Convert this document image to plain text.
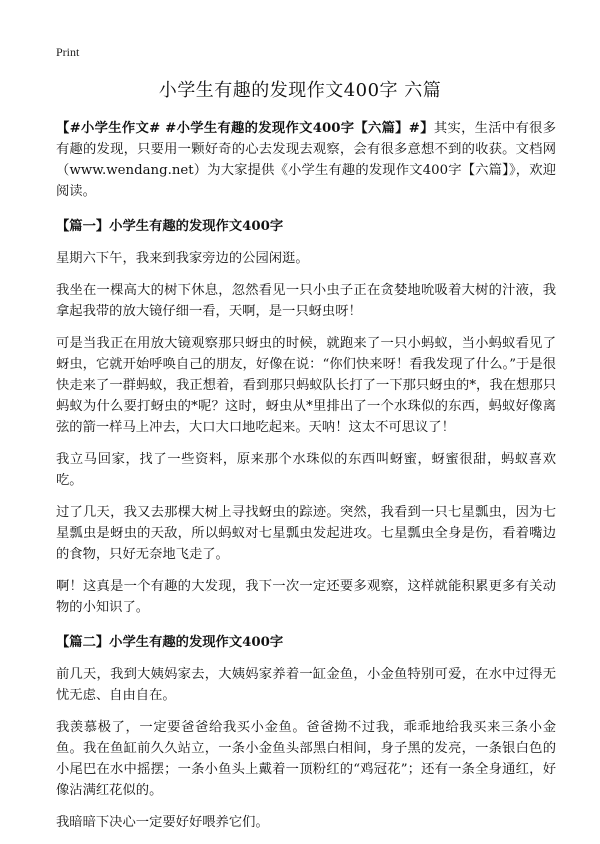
Print
小学生有趣的发现作文400字 六篇

【#小学生作文# #小学生有趣的发现作文400字【六篇】#】其实，生活中有很多有趣的发现，只要用一颗好奇的心去发现去观察，会有很多意想不到的收获。文档网（www.wendang.net）为大家提供《小学生有趣的发现作文400字【六篇】》，欢迎阅读。

【篇一】小学生有趣的发现作文400字

星期六下午，我来到我家旁边的公园闲逛。

我坐在一棵高大的树下休息，忽然看见一只小虫子正在贪婪地吮吸着大树的汁液，我拿起我带的放大镜仔细一看，天啊，是一只蚜虫呀！

可是当我正在用放大镜观察那只蚜虫的时候，就跑来了一只小蚂蚁，当小蚂蚁看见了蚜虫，它就开始呼唤自己的朋友，好像在说：“你们快来呀！看我发现了什么。”于是很快走来了一群蚂蚁，我正想着，看到那只蚂蚁队长打了一下那只蚜虫的*，我在想那只蚂蚁为什么要打蚜虫的*呢？这时，蚜虫从*里排出了一个水珠似的东西，蚂蚁好像离弦的箭一样马上冲去，大口大口地吃起来。天呐！这太不可思议了！

我立马回家，找了一些资料，原来那个水珠似的东西叫蚜蜜，蚜蜜很甜，蚂蚁喜欢吃。

过了几天，我又去那棵大树上寻找蚜虫的踪迹。突然，我看到一只七星瓢虫，因为七星瓢虫是蚜虫的天敌，所以蚂蚁对七星瓢虫发起进攻。七星瓢虫全身是伤，看着嘴边的食物，只好无奈地飞走了。

啊！这真是一个有趣的大发现，我下一次一定还要多观察，这样就能积累更多有关动物的小知识了。

【篇二】小学生有趣的发现作文400字

前几天，我到大姨妈家去，大姨妈家养着一缸金鱼，小金鱼特别可爱，在水中过得无忧无虑、自由自在。

我羡慕极了，一定要爸爸给我买小金鱼。爸爸拗不过我，乖乖地给我买来三条小金鱼。我在鱼缸前久久站立，一条小金鱼头部黑白相间，身子黑的发亮，一条银白色的小尾巴在水中摇摆；一条小鱼头上戴着一顶粉红的“鸡冠花”；还有一条全身通红，好像沾满红花似的。

我暗暗下决心一定要好好喂养它们。
